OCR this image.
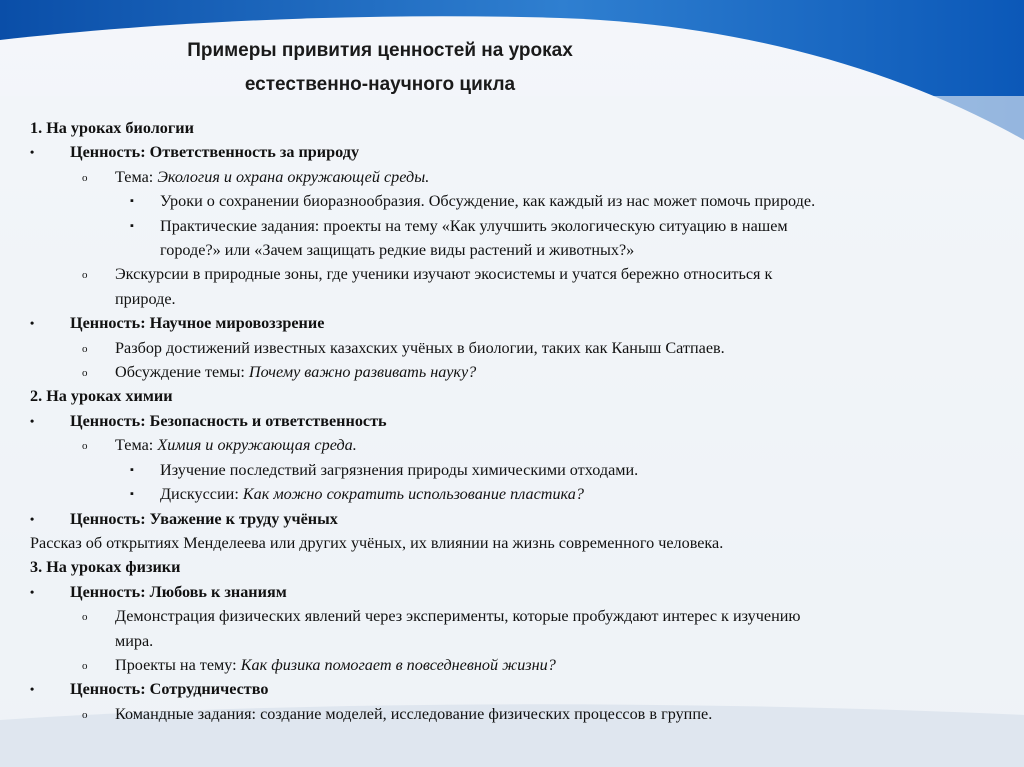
Примеры привития ценностей на уроках
естественно-научного цикла
1. На уроках биологии
• Ценность: Ответственность за природу
o Тема: Экология и охрана окружающей среды.
▪ Уроки о сохранении биоразнообразия. Обсуждение, как каждый из нас может помочь природе.
▪ Практические задания: проекты на тему «Как улучшить экологическую ситуацию в нашем
городе?» или «Зачем защищать редкие виды растений и животных?»
o Экскурсии в природные зоны, где ученики изучают экосистемы и учатся бережно относиться к
природе.
• Ценность: Научное мировоззрение
o Разбор достижений известных казахских учёных в биологии, таких как Каныш Сатпаев.
o Обсуждение темы: Почему важно развивать науку?
2. На уроках химии
• Ценность: Безопасность и ответственность
o Тема: Химия и окружающая среда.
▪ Изучение последствий загрязнения природы химическими отходами.
▪ Дискуссии: Как можно сократить использование пластика?
• Ценность: Уважение к труду учёных
Рассказ об открытиях Менделеева или других учёных, их влиянии на жизнь современного человека.
3. На уроках физики
• Ценность: Любовь к знаниям
o Демонстрация физических явлений через эксперименты, которые пробуждают интерес к изучению
мира.
o Проекты на тему: Как физика помогает в повседневной жизни?
• Ценность: Сотрудничество
o Командные задания: создание моделей, исследование физических процессов в группе.
